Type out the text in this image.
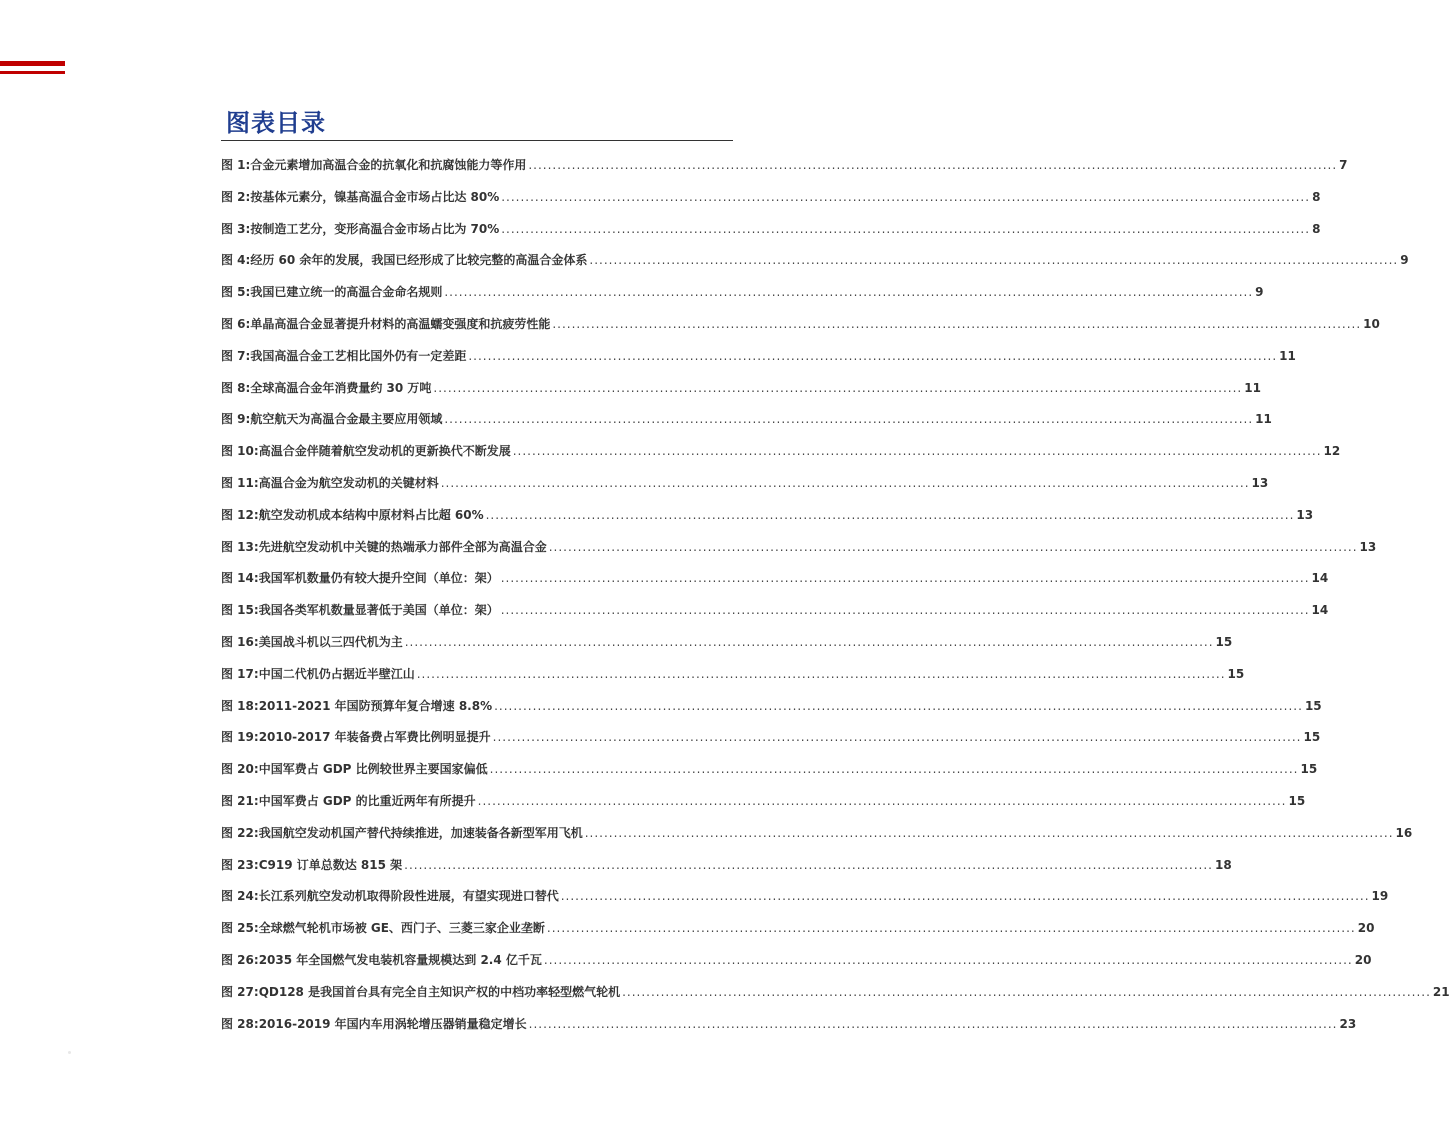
图表目录
图 1: 合金元素增加高温合金的抗氧化和抗腐蚀能力等作用 .....	7
图 2: 按基体元素分，镍基高温合金市场占比达 80% .....	8
图 3: 按制造工艺分，变形高温合金市场占比为 70% .....	8
图 4: 经历 60 余年的发展，我国已经形成了比较完整的高温合金体系 .....	9
图 5: 我国已建立统一的高温合金命名规则 .....	9
图 6: 单晶高温合金显著提升材料的高温蠕变强度和抗疲劳性能 .....	10
图 7: 我国高温合金工艺相比国外仍有一定差距 .....	11
图 8: 全球高温合金年消费量约 30 万吨 .....	11
图 9: 航空航天为高温合金最主要应用领域 .....	11
图 10: 高温合金伴随着航空发动机的更新换代不断发展 .....	12
图 11: 高温合金为航空发动机的关键材料 .....	13
图 12: 航空发动机成本结构中原材料占比超 60% .....	13
图 13: 先进航空发动机中关键的热端承力部件全部为高温合金 .....	13
图 14: 我国军机数量仍有较大提升空间（单位：架） .....	14
图 15: 我国各类军机数量显著低于美国（单位：架） .....	14
图 16: 美国战斗机以三四代机为主 .....	15
图 17: 中国二代机仍占据近半壁江山 .....	15
图 18: 2011-2021 年国防预算年复合增速 8.8% .....	15
图 19: 2010-2017 年装备费占军费比例明显提升 .....	15
图 20: 中国军费占 GDP 比例较世界主要国家偏低 .....	15
图 21: 中国军费占 GDP 的比重近两年有所提升 .....	15
图 22: 我国航空发动机国产替代持续推进，加速装备各新型军用飞机 .....	16
图 23: C919 订单总数达 815 架 .....	18
图 24: 长江系列航空发动机取得阶段性进展，有望实现进口替代 .....	19
图 25: 全球燃气轮机市场被 GE、西门子、三菱三家企业垄断 .....	20
图 26: 2035 年全国燃气发电装机容量规模达到 2.4 亿千瓦 .....	20
图 27: QD128 是我国首台具有完全自主知识产权的中档功率轻型燃气轮机 .....	21
图 28: 2016-2019 年国内车用涡轮增压器销量稳定增长 .....	23
